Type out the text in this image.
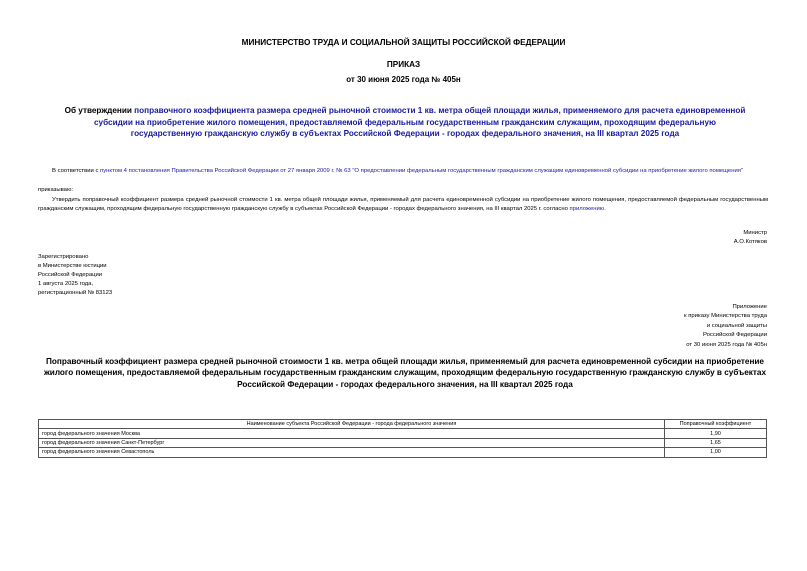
МИНИСТЕРСТВО ТРУДА И СОЦИАЛЬНОЙ ЗАЩИТЫ РОССИЙСКОЙ ФЕДЕРАЦИИ
ПРИКАЗ
от 30 июня 2025 года № 405н
Об утверждении поправочного коэффициента размера средней рыночной стоимости 1 кв. метра общей площади жилья, применяемого для расчета единовременной субсидии на приобретение жилого помещения, предоставляемой федеральным государственным гражданским служащим, проходящим федеральную государственную гражданскую службу в субъектах Российской Федерации - городах федерального значения, на III квартал 2025 года
В соответствии с пунктом 4 постановления Правительства Российской Федерации от 27 января 2009 г. № 63 "О предоставлении федеральным государственным гражданским служащим единовременной субсидии на приобретение жилого помещения"
приказываю:
Утвердить поправочный коэффициент размера средней рыночной стоимости 1 кв. метра общей площади жилья, применяемый для расчета единовременной субсидии на приобретение жилого помещения, предоставляемой федеральным государственным гражданским служащим, проходящим федеральную государственную гражданскую службу в субъектах Российской Федерации - городах федерального значения, на III квартал 2025 г. согласно приложению.
Министр
А.О.Котяков
Зарегистрировано
в Министерстве юстиции
Российской Федерации
1 августа 2025 года,
регистрационный № 83123
Приложение
к приказу Министерства труда
и социальной защиты
Российской Федерации
от 30 июня 2025 года № 405н
Поправочный коэффициент размера средней рыночной стоимости 1 кв. метра общей площади жилья, применяемый для расчета единовременной субсидии на приобретение жилого помещения, предоставляемой федеральным государственным гражданским служащим, проходящим федеральную государственную гражданскую службу в субъектах Российской Федерации - городах федерального значения, на III квартал 2025 года
Наименование субъекта Российской Федерации - города федерального значения	Поправочный коэффициент
город федерального значения Москва	1,90
город федерального значения Санкт-Петербург	1,65
город федерального значения Севастополь	1,00
